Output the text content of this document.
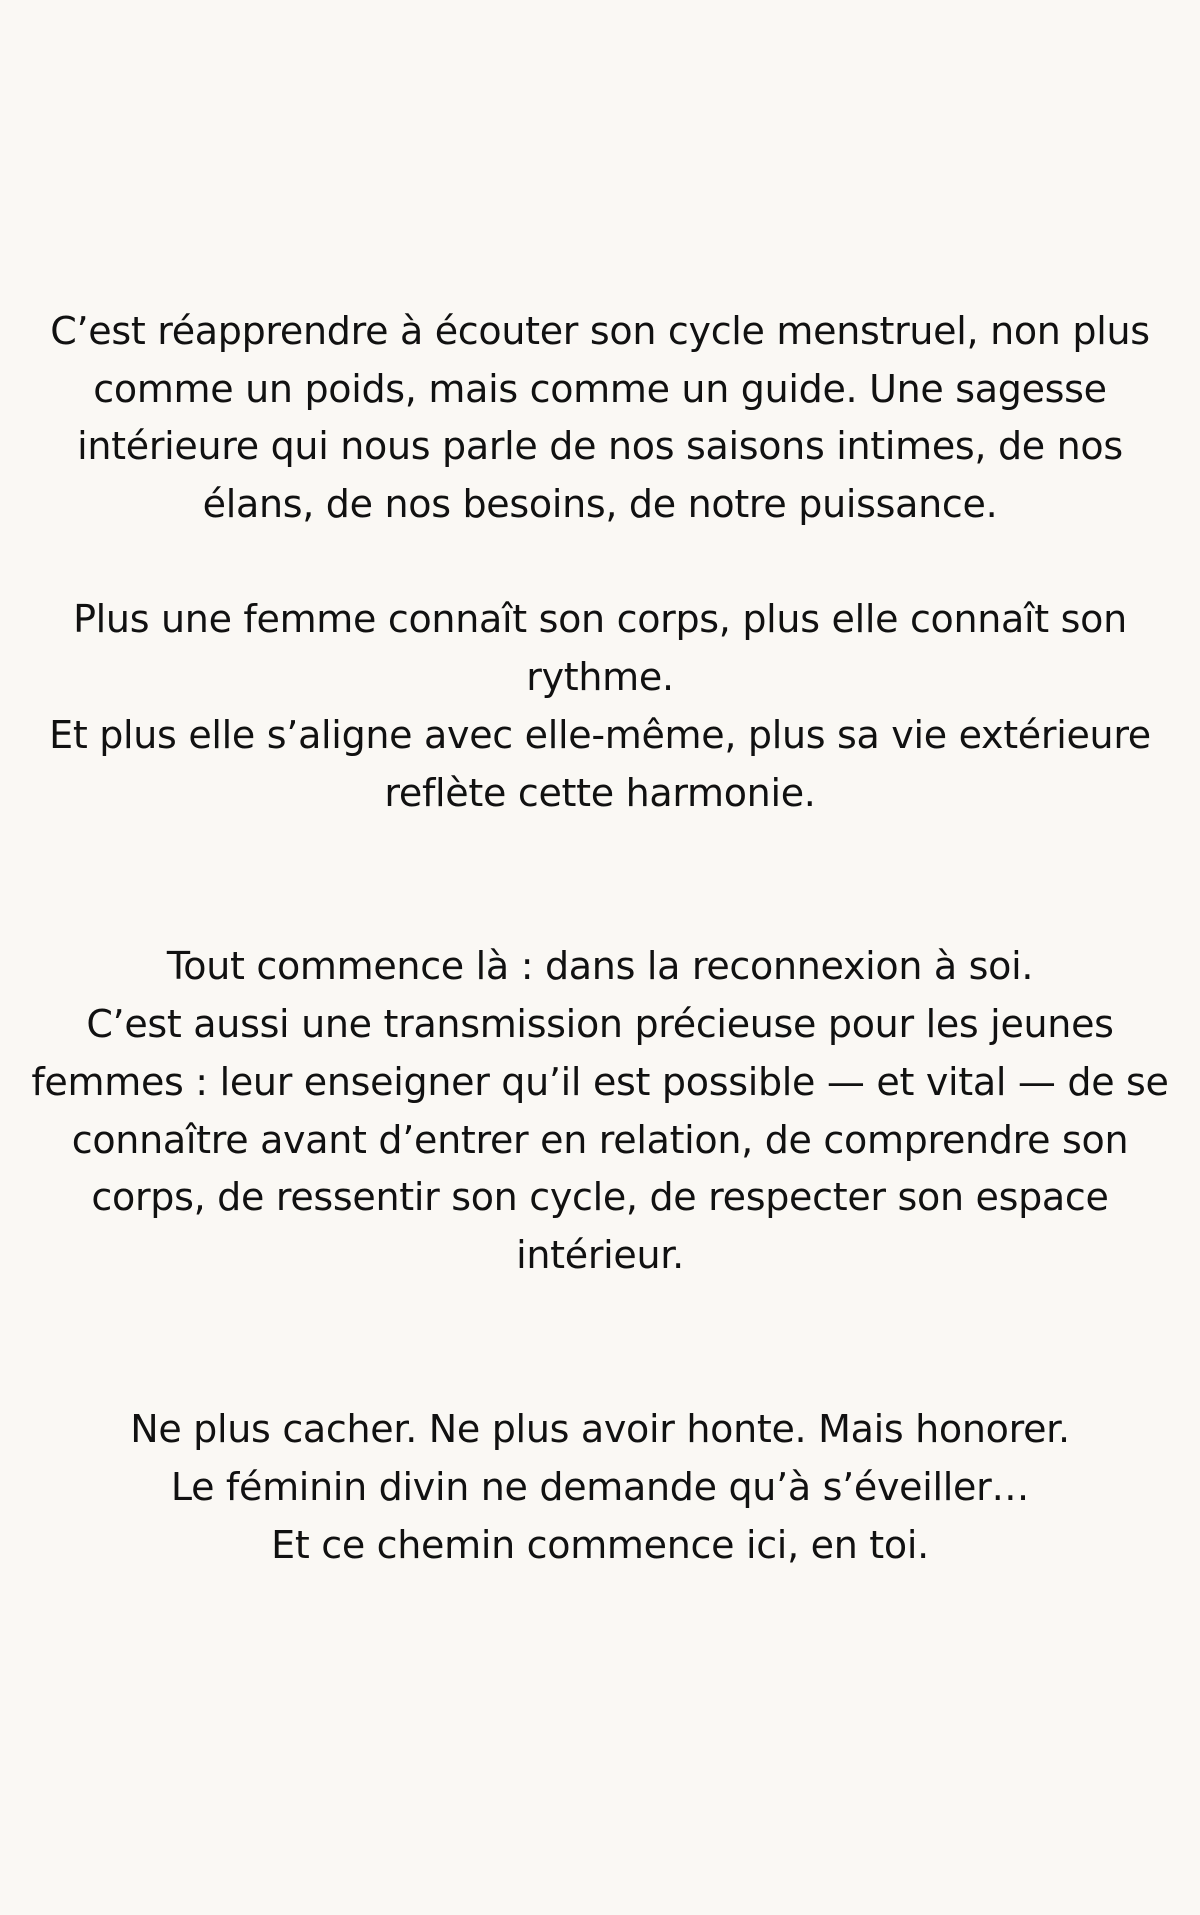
C’est réapprendre à écouter son cycle menstruel, non plus
comme un poids, mais comme un guide. Une sagesse
intérieure qui nous parle de nos saisons intimes, de nos
élans, de nos besoins, de notre puissance.
Plus une femme connaît son corps, plus elle connaît son
rythme.
Et plus elle s’aligne avec elle-même, plus sa vie extérieure
reflète cette harmonie.
Tout commence là : dans la reconnexion à soi.
C’est aussi une transmission précieuse pour les jeunes
femmes : leur enseigner qu’il est possible — et vital — de se
connaître avant d’entrer en relation, de comprendre son
corps, de ressentir son cycle, de respecter son espace
intérieur.
Ne plus cacher. Ne plus avoir honte. Mais honorer.
Le féminin divin ne demande qu’à s’éveiller…
Et ce chemin commence ici, en toi.
